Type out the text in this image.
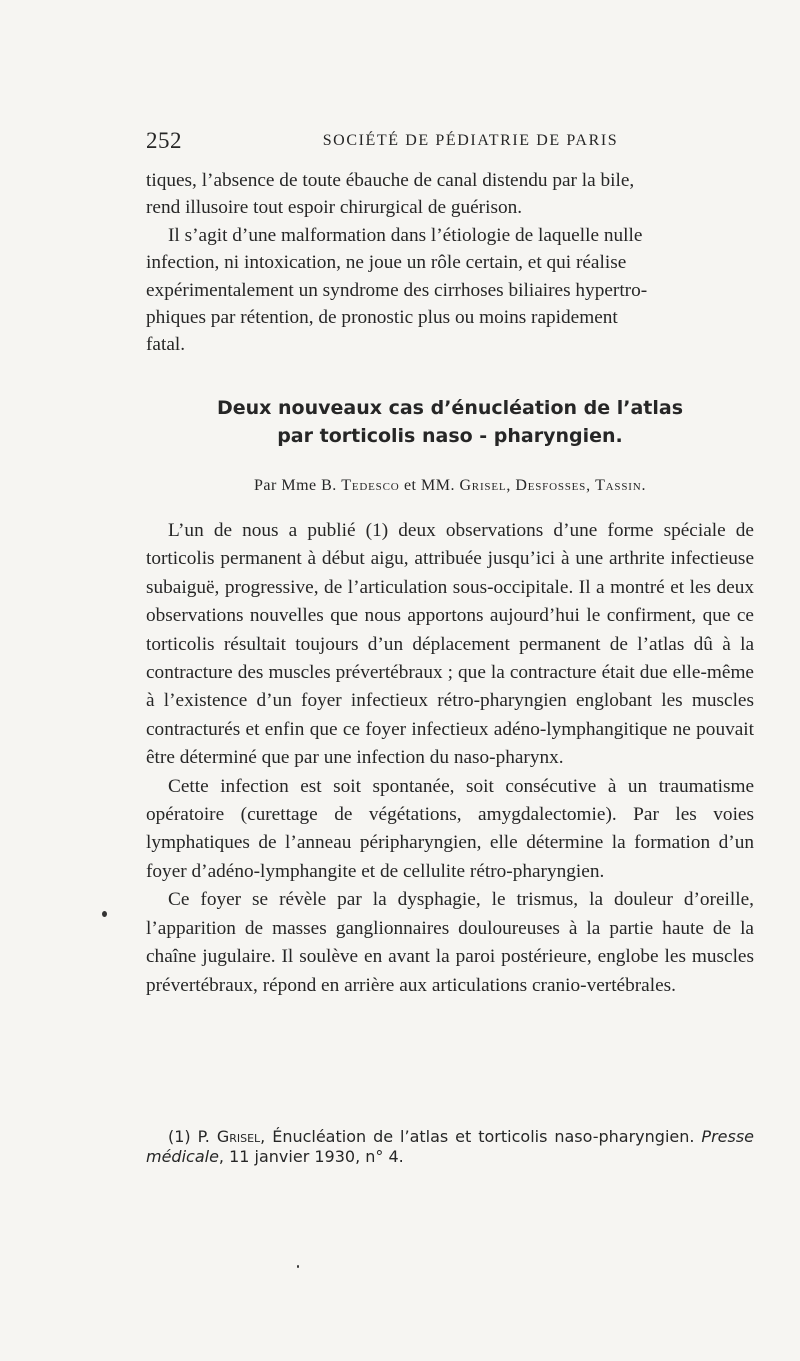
252	SOCIÉTÉ DE PÉDIATRIE DE PARIS

tiques, l’absence de toute ébauche de canal distendu par la bile,
rend illusoire tout espoir chirurgical de guérison.

Il s’agit d’une malformation dans l’étiologie de laquelle nulle
infection, ni intoxication, ne joue un rôle certain, et qui réalise
expérimentalement un syndrome des cirrhoses biliaires hypertro-
phiques par rétention, de pronostic plus ou moins rapidement
fatal.

Deux nouveaux cas d’énucléation de l’atlas
par torticolis naso - pharyngien.
Par Mme B. Tedesco et MM. Grisel, Desfosses, Tassin.

L’un de nous a publié (1) deux observations d’une forme spéciale de torticolis permanent à début aigu, attribuée jusqu’ici à une arthrite infectieuse subaiguë, progressive, de l’articulation sous-occipitale. Il a montré et les deux observations nouvelles que nous apportons aujourd’hui le confirment, que ce torticolis résultait toujours d’un déplacement permanent de l’atlas dû à la contracture des muscles prévertébraux ; que la contracture était due elle-même à l’existence d’un foyer infectieux rétro-pharyngien englobant les muscles contracturés et enfin que ce foyer infectieux adéno-lymphangitique ne pouvait être déterminé que par une infection du naso-pharynx.

Cette infection est soit spontanée, soit consécutive à un traumatisme opératoire (curettage de végétations, amygdalectomie). Par les voies lymphatiques de l’anneau péripharyngien, elle détermine la formation d’un foyer d’adéno-lymphangite et de cellulite rétro-pharyngien.

Ce foyer se révèle par la dysphagie, le trismus, la douleur d’oreille, l’apparition de masses ganglionnaires douloureuses à la partie haute de la chaîne jugulaire. Il soulève en avant la paroi postérieure, englobe les muscles prévertébraux, répond en arrière aux articulations cranio-vertébrales.

(1) P. Grisel, Énucléation de l’atlas et torticolis naso-pharyngien. Presse médicale, 11 janvier 1930, n° 4.
